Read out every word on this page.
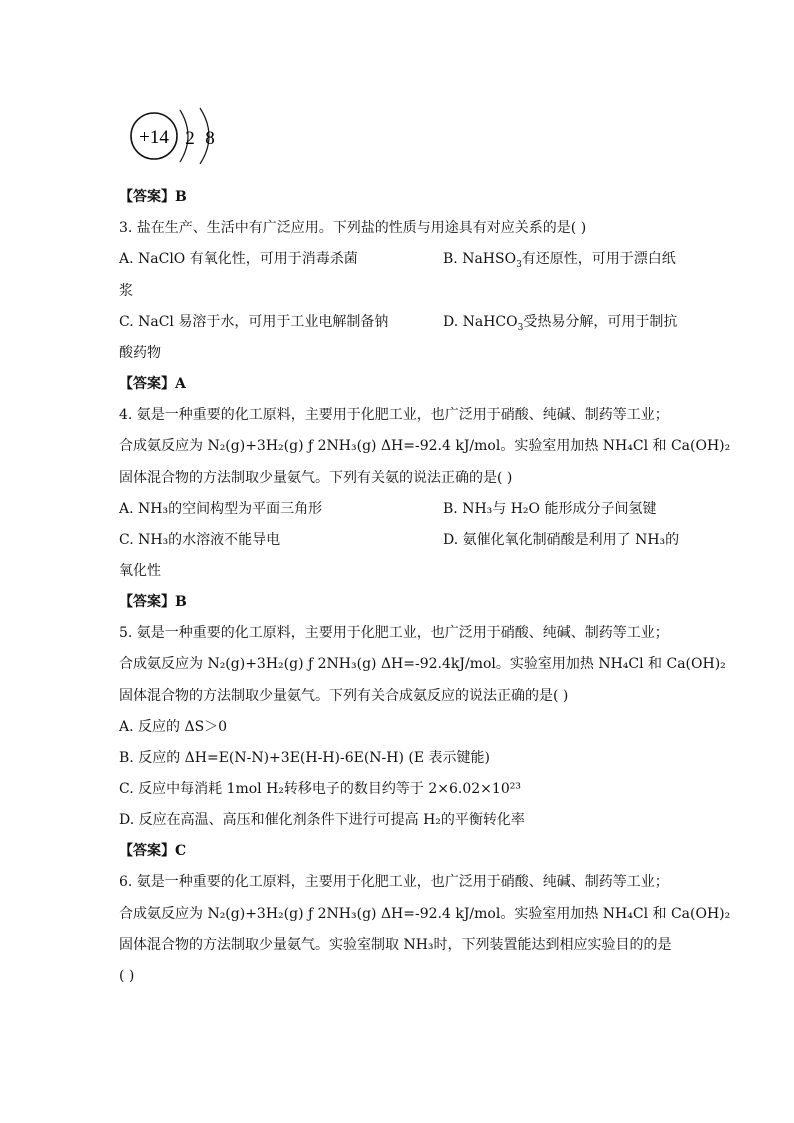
+14 2 8
【答案】B
3. 盐在生产、生活中有广泛应用。下列盐的性质与用途具有对应关系的是( )
A. NaClO 有氧化性，可用于消毒杀菌	B. NaHSO$_3$有还原性，可用于漂白纸
浆
C. NaCl 易溶于水，可用于工业电解制备钠	D. NaHCO$_3$受热易分解，可用于制抗
酸药物
【答案】A
4. 氨是一种重要的化工原料，主要用于化肥工业，也广泛用于硝酸、纯碱、制药等工业；
合成氨反应为 N₂(g)+3H₂(g) ƒ 2NH₃(g) ΔH=-92.4 kJ/mol。实验室用加热 NH₄Cl 和 Ca(OH)₂
固体混合物的方法制取少量氨气。下列有关氨的说法正确的是( )
A. NH₃的空间构型为平面三角形	B. NH₃与 H₂O 能形成分子间氢键
C. NH₃的水溶液不能导电	D. 氨催化氧化制硝酸是利用了 NH₃的
氧化性
【答案】B
5. 氨是一种重要的化工原料，主要用于化肥工业，也广泛用于硝酸、纯碱、制药等工业；
合成氨反应为 N₂(g)+3H₂(g) ƒ 2NH₃(g) ΔH=-92.4kJ/mol。实验室用加热 NH₄Cl 和 Ca(OH)₂
固体混合物的方法制取少量氨气。下列有关合成氨反应的说法正确的是( )
A. 反应的 ΔS＞0
B. 反应的 ΔH=E(N-N)+3E(H-H)-6E(N-H) (E 表示键能)
C. 反应中每消耗 1mol H₂转移电子的数目约等于 2×6.02×10²³
D. 反应在高温、高压和催化剂条件下进行可提高 H₂的平衡转化率
【答案】C
6. 氨是一种重要的化工原料，主要用于化肥工业，也广泛用于硝酸、纯碱、制药等工业；
合成氨反应为 N₂(g)+3H₂(g) ƒ 2NH₃(g) ΔH=-92.4 kJ/mol。实验室用加热 NH₄Cl 和 Ca(OH)₂
固体混合物的方法制取少量氨气。实验室制取 NH₃时，下列装置能达到相应实验目的的是
( )
